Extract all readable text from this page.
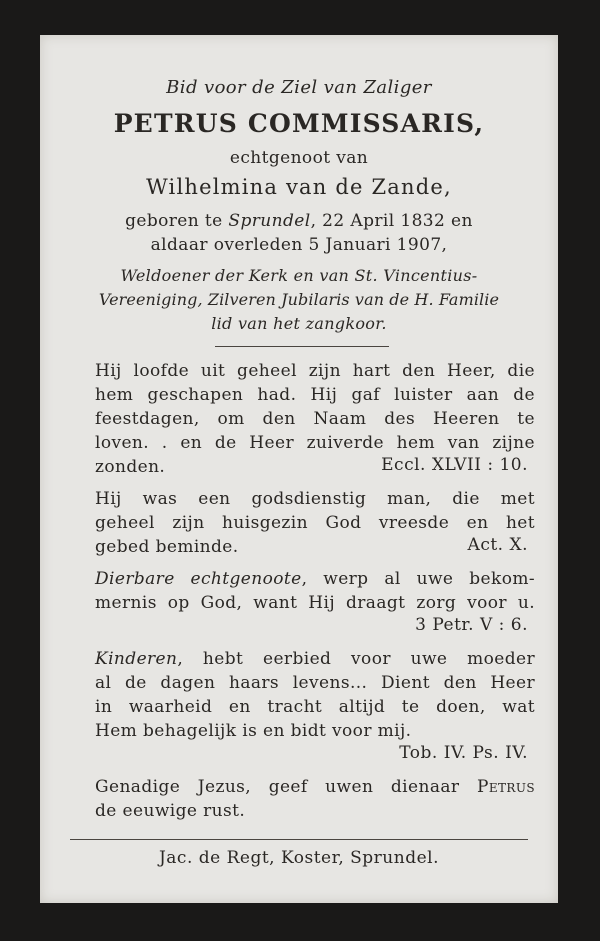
Bid voor de Ziel van Zaliger
PETRUS COMMISSARIS,
echtgenoot van
Wilhelmina van de Zande,
geboren te Sprundel, 22 April 1832 en
aldaar overleden 5 Januari 1907,
Weldoener der Kerk en van St. Vincentius-
Vereeniging, Zilveren Jubilaris van de H. Familie
lid van het zangkoor.
Hij loofde uit geheel zijn hart den Heer, die
hem geschapen had. Hij gaf luister aan de
feestdagen, om den Naam des Heeren te
loven. . en de Heer zuiverde hem van zijne
zonden.	Eccl. XLVII : 10.
Hij was een godsdienstig man, die met
geheel zijn huisgezin God vreesde en het
gebed beminde.	Act. X.
Dierbare echtgenoote, werp al uwe bekom-
mernis op God, want Hij draagt zorg voor u.
3 Petr. V : 6.
Kinderen, hebt eerbied voor uwe moeder
al de dagen haars levens... Dient den Heer
in waarheid en tracht altijd te doen, wat
Hem behagelijk is en bidt voor mij.
Tob. IV. Ps. IV.
Genadige Jezus, geef uwen dienaar Petrus
de eeuwige rust.
Jac. de Regt, Koster, Sprundel.
